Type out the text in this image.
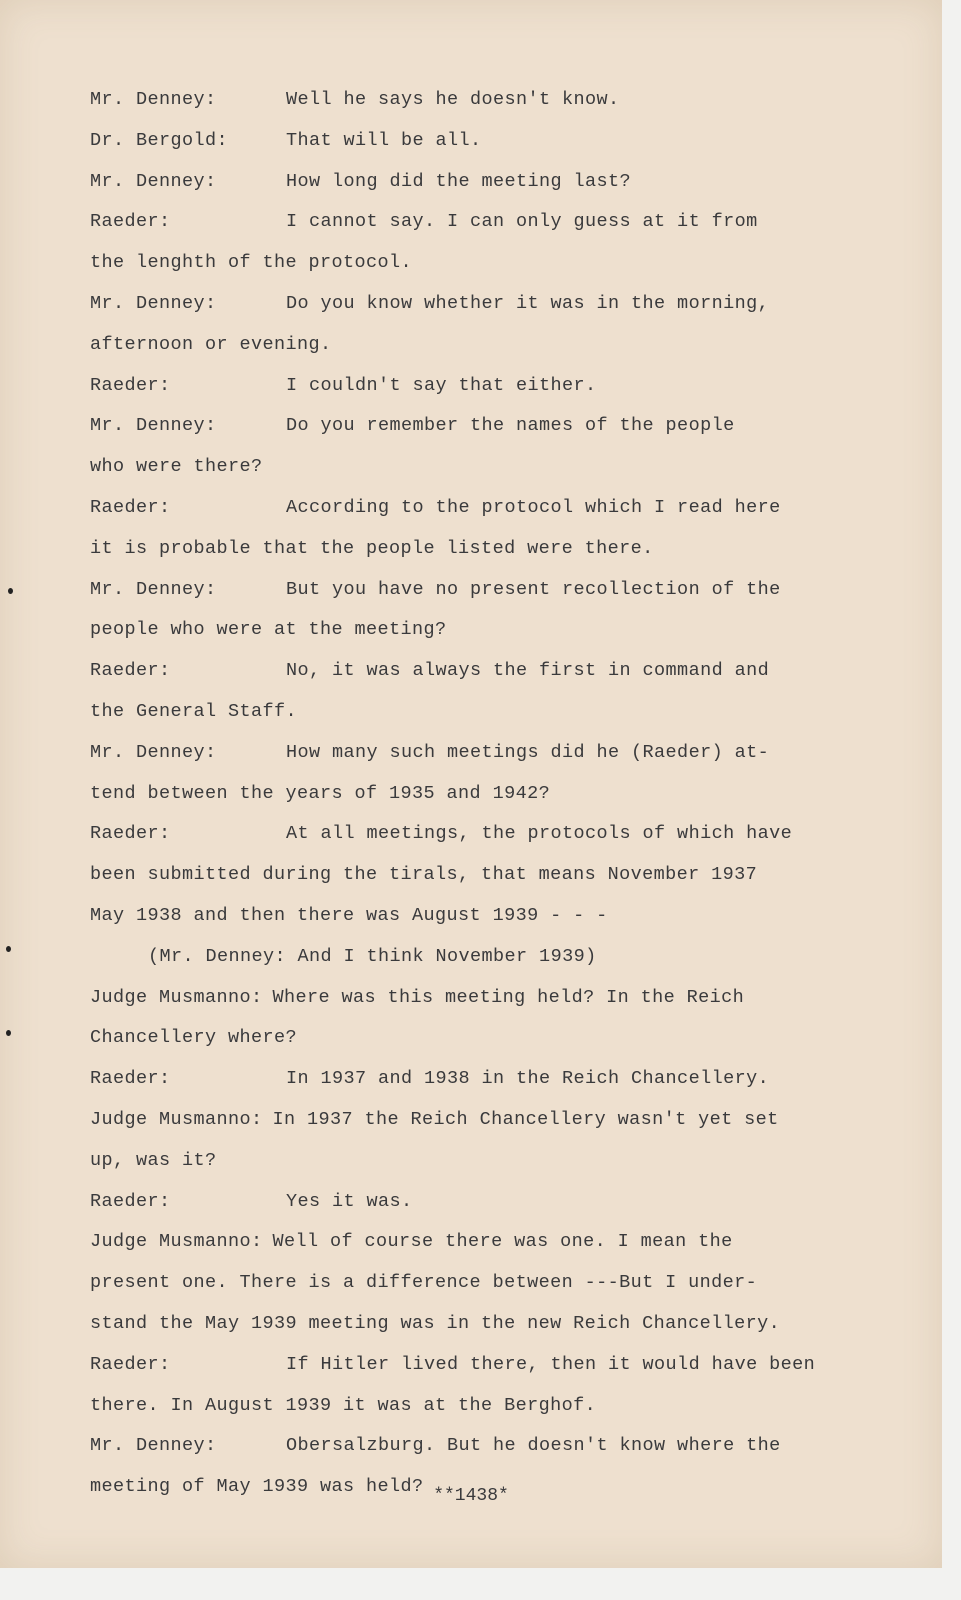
Mr. Denney:	Well he says he doesn't know.
Dr. Bergold:	That will be all.
Mr. Denney:	How long did the meeting last?
Raeder:	I cannot say. I can only guess at it from
the lenghth of the protocol.
Mr. Denney:	Do you know whether it was in the morning,
afternoon or evening.
Raeder:	I couldn't say that either.
Mr. Denney:	Do you remember the names of the people
who were there?
Raeder:	According to the protocol which I read here
it is probable that the people listed were there.
Mr. Denney:	But you have no present recollection of the
people who were at the meeting?
Raeder:	No, it was always the first in command and
the General Staff.
Mr. Denney:	How many such meetings did he (Raeder) at-
tend between the years of 1935 and 1942?
Raeder:	At all meetings, the protocols of which have
been submitted during the tirals, that means November 1937
May 1938 and then there was August 1939 - - -
(Mr. Denney: And I think November 1939)
Judge Musmanno: Where was this meeting held? In the Reich
Chancellery where?
Raeder:	In 1937 and 1938 in the Reich Chancellery.
Judge Musmanno: In 1937 the Reich Chancellery wasn't yet set
up, was it?
Raeder:	Yes it was.
Judge Musmanno: Well of course there was one. I mean the
present one. There is a difference between ---But I under-
stand the May 1939 meeting was in the new Reich Chancellery.
Raeder:	If Hitler lived there, then it would have been
there. In August 1939 it was at the Berghof.
Mr. Denney:	Obersalzburg. But he doesn't know where the
meeting of May 1939 was held? **1438*
